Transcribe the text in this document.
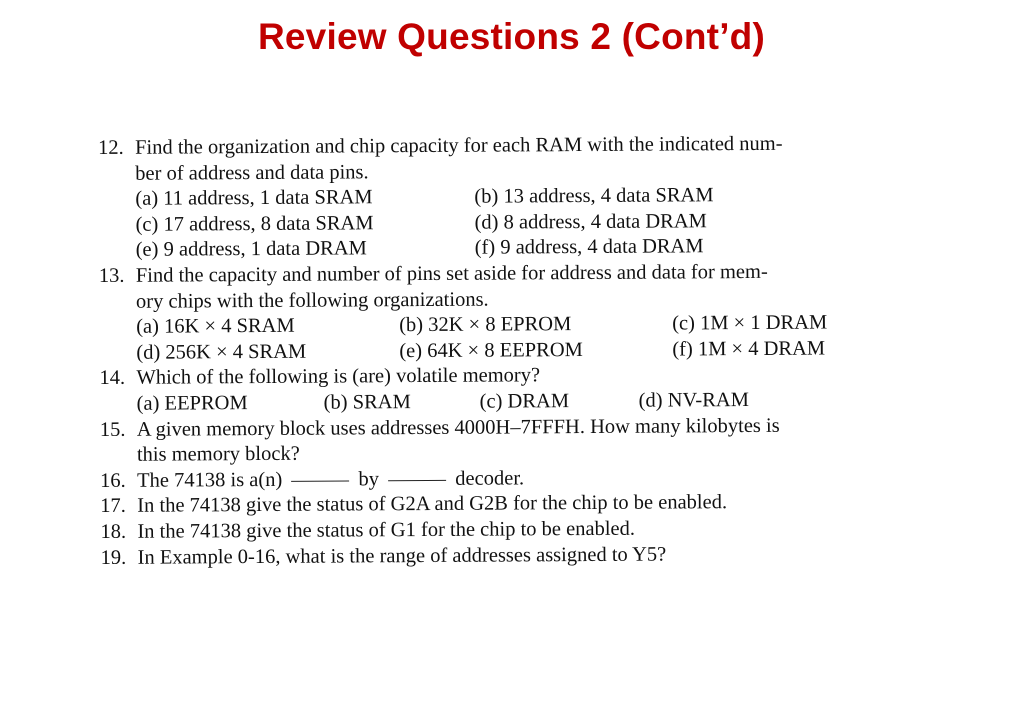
Review Questions 2 (Cont’d)
12. Find the organization and chip capacity for each RAM with the indicated num-
ber of address and data pins.
(a) 11 address, 1 data SRAM	(b) 13 address, 4 data SRAM
(c) 17 address, 8 data SRAM	(d) 8 address, 4 data DRAM
(e) 9 address, 1 data DRAM	(f) 9 address, 4 data DRAM
13. Find the capacity and number of pins set aside for address and data for mem-
ory chips with the following organizations.
(a) 16K × 4 SRAM	(b) 32K × 8 EPROM	(c) 1M × 1 DRAM
(d) 256K × 4 SRAM	(e) 64K × 8 EEPROM	(f) 1M × 4 DRAM
14. Which of the following is (are) volatile memory?
(a) EEPROM	(b) SRAM	(c) DRAM	(d) NV-RAM
15. A given memory block uses addresses 4000H–7FFFH. How many kilobytes is
this memory block?
16. The 74138 is a(n)	by	decoder.
17. In the 74138 give the status of G2A and G2B for the chip to be enabled.
18. In the 74138 give the status of G1 for the chip to be enabled.
19. In Example 0-16, what is the range of addresses assigned to Y5?
